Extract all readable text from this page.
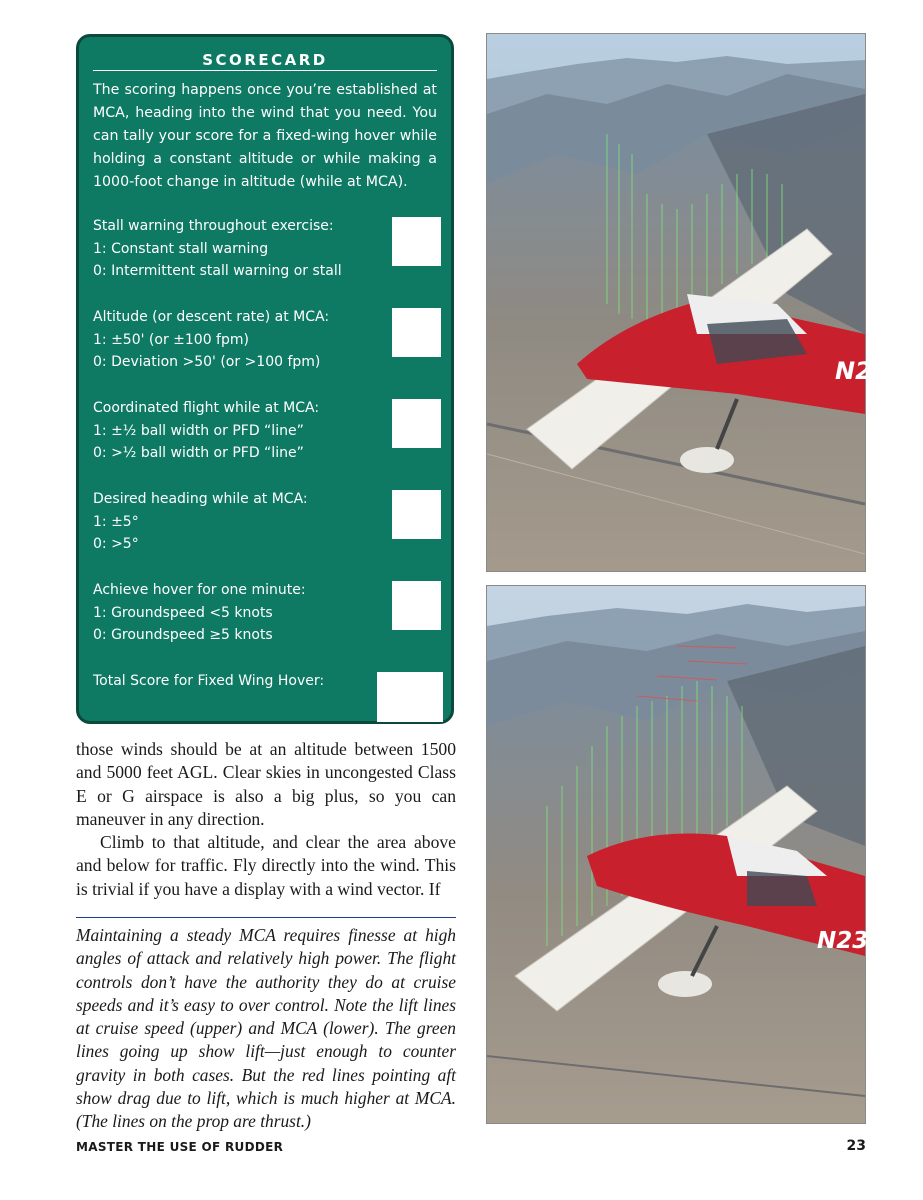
SCORECARD
The scoring happens once you’re established at MCA, heading into the wind that you need. You can tally your score for a fixed-wing hover while holding a constant altitude or while making a 1000-foot change in altitude (while at MCA).
Stall warning throughout exercise:
1: Constant stall warning
0: Intermittent stall warning or stall
Altitude (or descent rate) at MCA:
1: ±50' (or ±100 fpm)
0: Deviation >50' (or >100 fpm)
Coordinated flight while at MCA:
1: ±½ ball width or PFD “line”
0: >½ ball width or PFD “line”
Desired heading while at MCA:
1: ±5°
0: >5°
Achieve hover for one minute:
1: Groundspeed <5 knots
0: Groundspeed ≥5 knots
Total Score for Fixed Wing Hover:

those winds should be at an altitude between 1500 and 5000 feet AGL. Clear skies in uncongested Class E or G airspace is also a big plus, so you can maneuver in any direction.

Climb to that altitude, and clear the area above and below for traffic. Fly directly into the wind. This is trivial if you have a display with a wind vector. If

Maintaining a steady MCA requires finesse at high angles of attack and relatively high power. The flight controls don’t have the authority they do at cruise speeds and it’s easy to over control. Note the lift lines at cruise speed (upper) and MCA (lower). The green lines going up show lift—just enough to counter gravity in both cases. But the red lines pointing aft show drag due to lift, which is much higher at MCA. (The lines on the prop are thrust.)
MASTER THE USE OF RUDDER	23
N2
N23
